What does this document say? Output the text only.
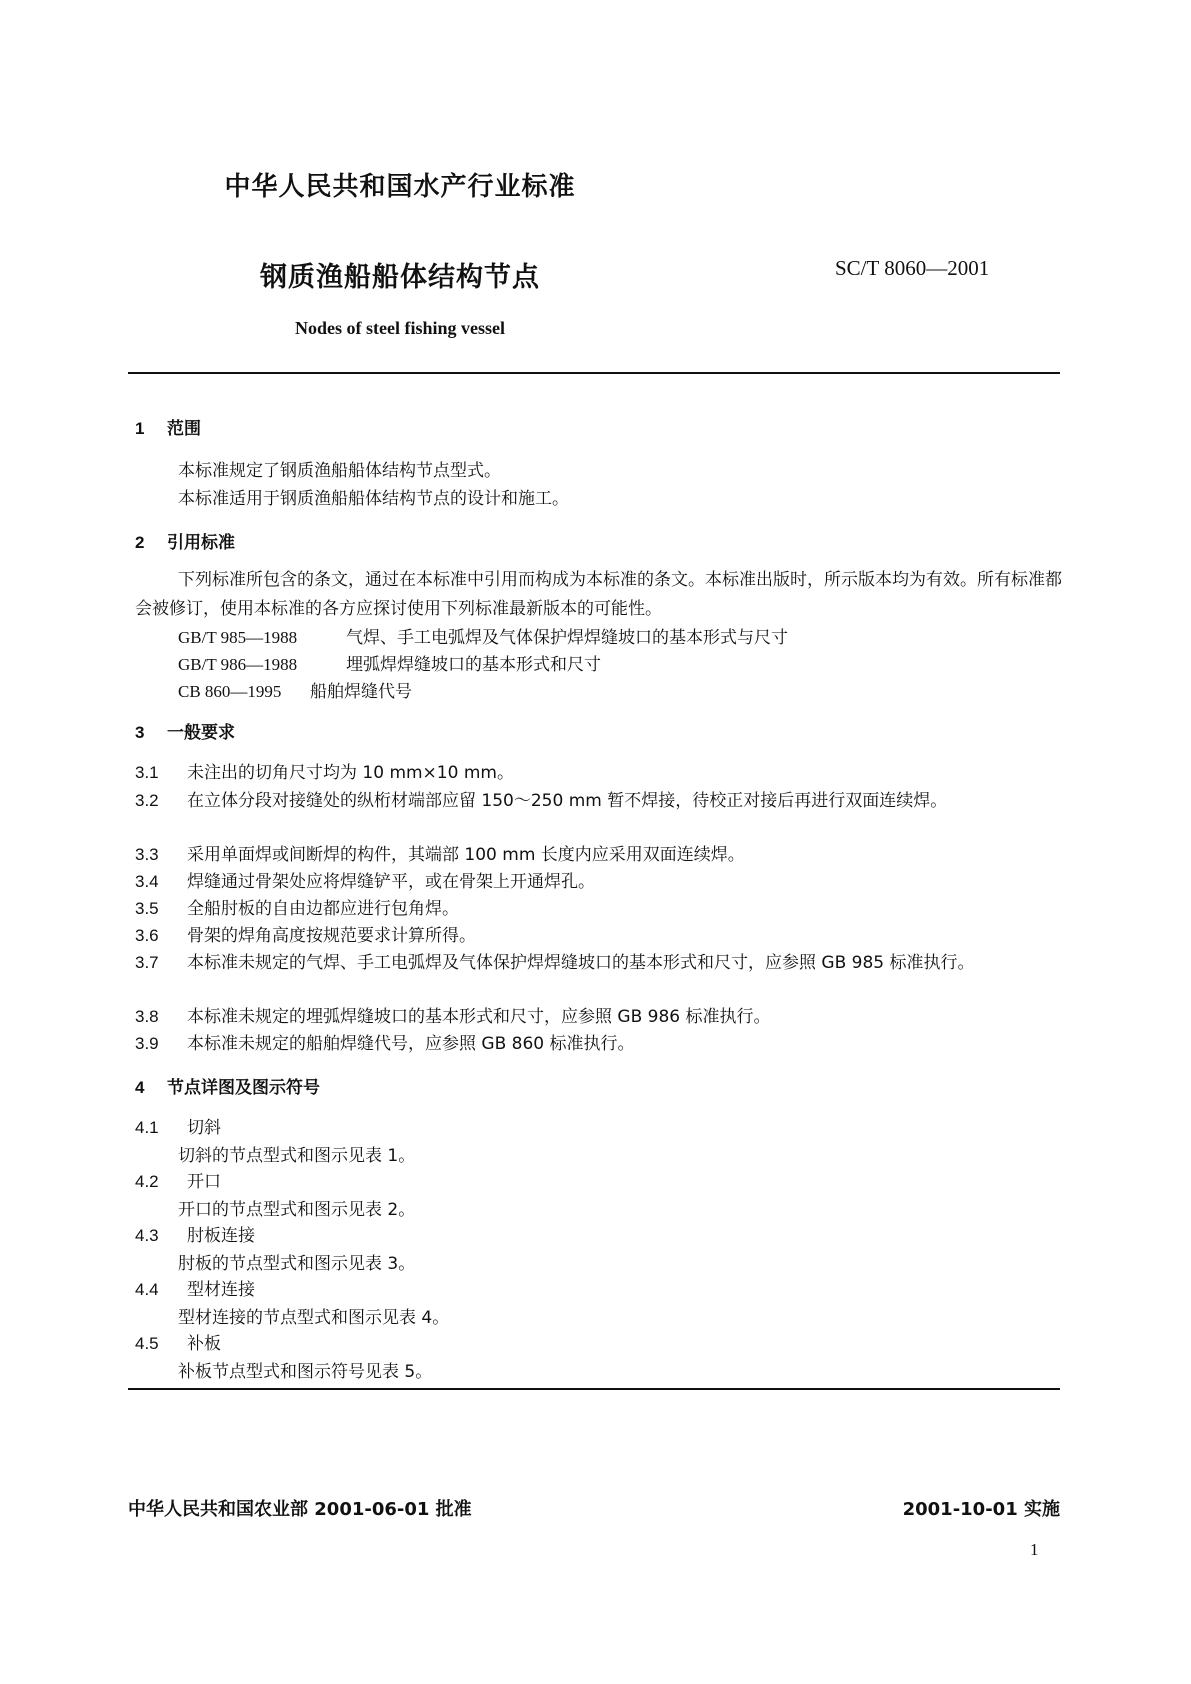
中华人民共和国水产行业标准
钢质渔船船体结构节点	SC/T 8060—2001
Nodes of steel fishing vessel
1 范围
本标准规定了钢质渔船船体结构节点型式。
本标准适用于钢质渔船船体结构节点的设计和施工。
2 引用标准
下列标准所包含的条文，通过在本标准中引用而构成为本标准的条文。本标准出版时，所示版本均为有效。所有标准都会被修订，使用本标准的各方应探讨使用下列标准最新版本的可能性。
GB/T 985—1988	气焊、手工电弧焊及气体保护焊焊缝坡口的基本形式与尺寸
GB/T 986—1988	埋弧焊焊缝坡口的基本形式和尺寸
CB 860—1995 船舶焊缝代号
3 一般要求
3.1 未注出的切角尺寸均为 10 mm×10 mm。
3.2 在立体分段对接缝处的纵桁材端部应留 150～250 mm 暂不焊接，待校正对接后再进行双面连续焊。
3.3 采用单面焊或间断焊的构件，其端部 100 mm 长度内应采用双面连续焊。
3.4 焊缝通过骨架处应将焊缝铲平，或在骨架上开通焊孔。
3.5 全船肘板的自由边都应进行包角焊。
3.6 骨架的焊角高度按规范要求计算所得。
3.7 本标准未规定的气焊、手工电弧焊及气体保护焊焊缝坡口的基本形式和尺寸，应参照 GB 985 标准执行。
3.8 本标准未规定的埋弧焊缝坡口的基本形式和尺寸，应参照 GB 986 标准执行。
3.9 本标准未规定的船舶焊缝代号，应参照 GB 860 标准执行。
4 节点详图及图示符号
4.1 切斜
切斜的节点型式和图示见表 1。
4.2 开口
开口的节点型式和图示见表 2。
4.3 肘板连接
肘板的节点型式和图示见表 3。
4.4 型材连接
型材连接的节点型式和图示见表 4。
4.5 补板
补板节点型式和图示符号见表 5。
中华人民共和国农业部 2001-06-01 批准	2001-10-01 实施
1
